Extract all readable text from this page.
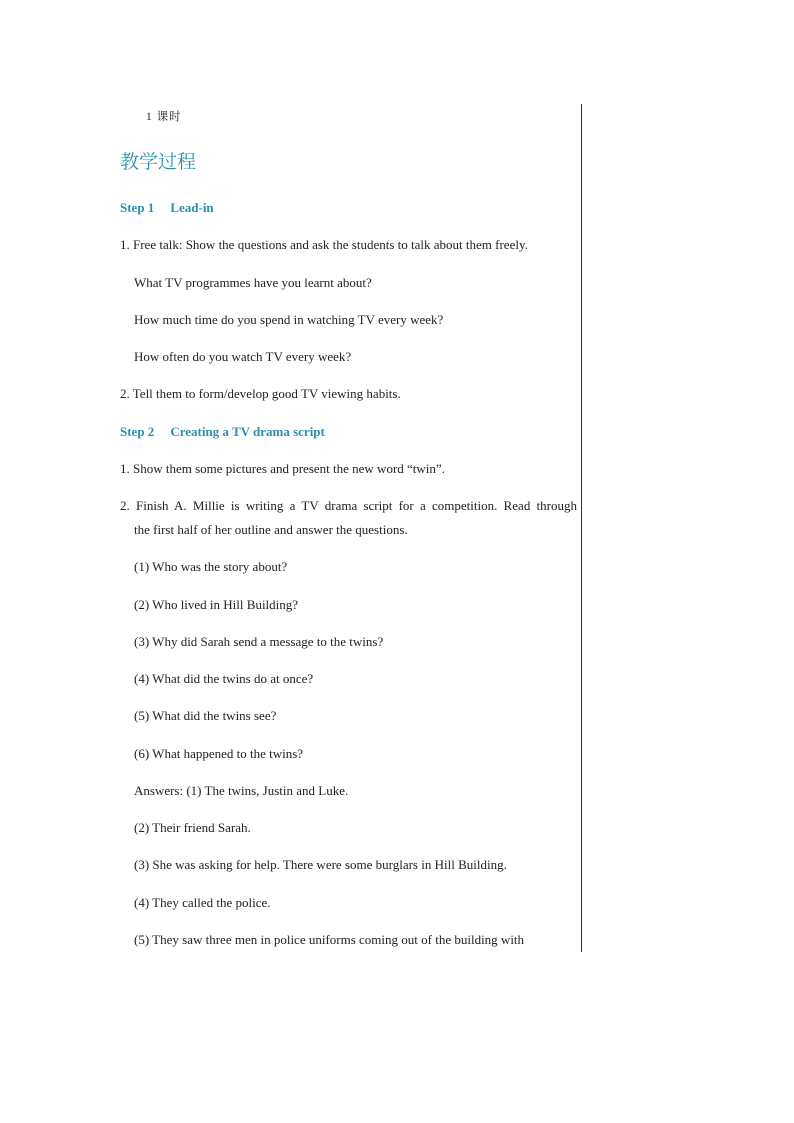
1 课时
教学过程
Step 1 Lead-in
1. Free talk: Show the questions and ask the students to talk about them freely.
What TV programmes have you learnt about?
How much time do you spend in watching TV every week?
How often do you watch TV every week?
2. Tell them to form/develop good TV viewing habits.
Step 2 Creating a TV drama script
1. Show them some pictures and present the new word “twin”.
2. Finish A. Millie is writing a TV drama script for a competition. Read through
the first half of her outline and answer the questions.
(1) Who was the story about?
(2) Who lived in Hill Building?
(3) Why did Sarah send a message to the twins?
(4) What did the twins do at once?
(5) What did the twins see?
(6) What happened to the twins?
Answers: (1) The twins, Justin and Luke.
(2) Their friend Sarah.
(3) She was asking for help. There were some burglars in Hill Building.
(4) They called the police.
(5) They saw three men in police uniforms coming out of the building with
